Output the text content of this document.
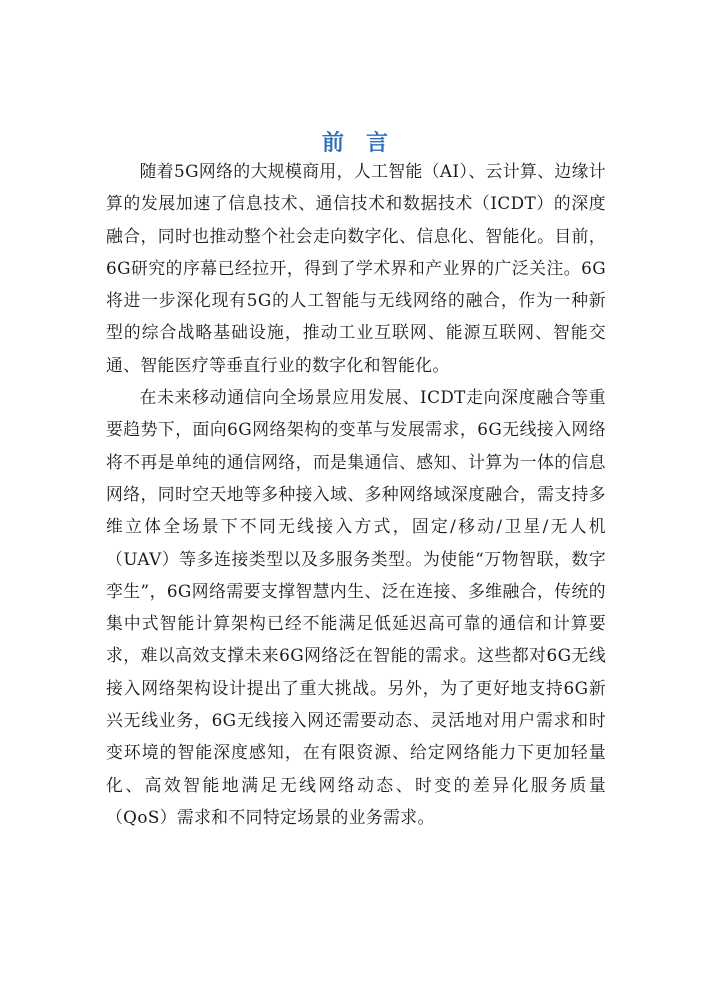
前言

随着5G网络的大规模商用，人工智能（AI）、云计算、边缘计算的发展加速了信息技术、通信技术和数据技术（ICDT）的深度融合，同时也推动整个社会走向数字化、信息化、智能化。目前，6G研究的序幕已经拉开，得到了学术界和产业界的广泛关注。6G将进一步深化现有5G的人工智能与无线网络的融合，作为一种新型的综合战略基础设施，推动工业互联网、能源互联网、智能交通、智能医疗等垂直行业的数字化和智能化。

在未来移动通信向全场景应用发展、ICDT走向深度融合等重要趋势下，面向6G网络架构的变革与发展需求，6G无线接入网络将不再是单纯的通信网络，而是集通信、感知、计算为一体的信息网络，同时空天地等多种接入域、多种网络域深度融合，需支持多维立体全场景下不同无线接入方式，固定/移动/卫星/无人机（UAV）等多连接类型以及多服务类型。为使能“万物智联，数字孪生”，6G网络需要支撑智慧内生、泛在连接、多维融合，传统的集中式智能计算架构已经不能满足低延迟高可靠的通信和计算要求，难以高效支撑未来6G网络泛在智能的需求。这些都对6G无线接入网络架构设计提出了重大挑战。另外，为了更好地支持6G新兴无线业务，6G无线接入网还需要动态、灵活地对用户需求和时变环境的智能深度感知，在有限资源、给定网络能力下更加轻量化、高效智能地满足无线网络动态、时变的差异化服务质量（QoS）需求和不同特定场景的业务需求。
